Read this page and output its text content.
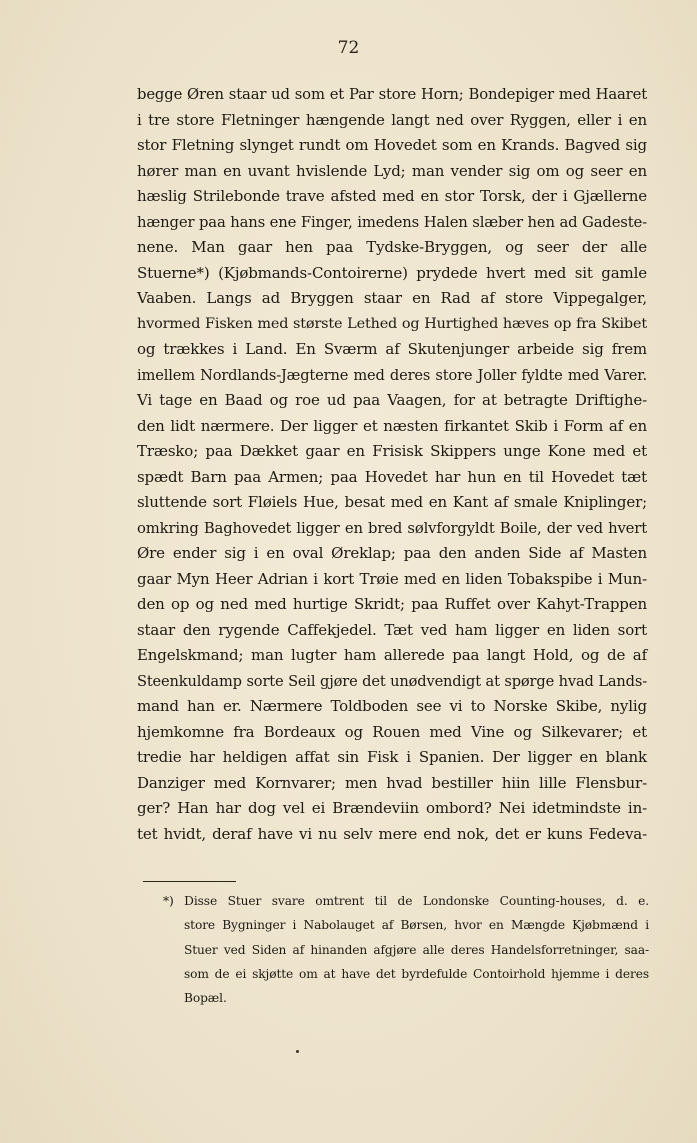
72
begge Øren staar ud som et Par store Horn; Bondepiger med Haaret
i tre store Fletninger hængende langt ned over Ryggen, eller i en
stor Fletning slynget rundt om Hovedet som en Krands. Bagved sig
hører man en uvant hvislende Lyd; man vender sig om og seer en
hæslig Strilebonde trave afsted med en stor Torsk, der i Gjællerne
hænger paa hans ene Finger, imedens Halen slæber hen ad Gadeste-
nene. Man gaar hen paa Tydske-Bryggen, og seer der alle
Stuerne*) (Kjøbmands-Contoirerne) prydede hvert med sit gamle
Vaaben. Langs ad Bryggen staar en Rad af store Vippegalger,
hvormed Fisken med største Lethed og Hurtighed hæves op fra Skibet
og trækkes i Land. En Sværm af Skutenjunger arbeide sig frem
imellem Nordlands-Jægterne med deres store Joller fyldte med Varer.
Vi tage en Baad og roe ud paa Vaagen, for at betragte Driftighe-
den lidt nærmere. Der ligger et næsten firkantet Skib i Form af en
Træsko; paa Dækket gaar en Frisisk Skippers unge Kone med et
spædt Barn paa Armen; paa Hovedet har hun en til Hovedet tæt
sluttende sort Fløiels Hue, besat med en Kant af smale Kniplinger;
omkring Baghovedet ligger en bred sølvforgyldt Boile, der ved hvert
Øre ender sig i en oval Øreklap; paa den anden Side af Masten
gaar Myn Heer Adrian i kort Trøie med en liden Tobakspibe i Mun-
den op og ned med hurtige Skridt; paa Ruffet over Kahyt-Trappen
staar den rygende Caffekjedel. Tæt ved ham ligger en liden sort
Engelskmand; man lugter ham allerede paa langt Hold, og de af
Steenkuldamp sorte Seil gjøre det unødvendigt at spørge hvad Lands-
mand han er. Nærmere Toldboden see vi to Norske Skibe, nylig
hjemkomne fra Bordeaux og Rouen med Vine og Silkevarer; et
tredie har heldigen affat sin Fisk i Spanien. Der ligger en blank
Danziger med Kornvarer; men hvad bestiller hiin lille Flensbur-
ger? Han har dog vel ei Brændeviin ombord? Nei idetmindste in-
tet hvidt, deraf have vi nu selv mere end nok, det er kuns Fedeva-
*) Disse Stuer svare omtrent til de Londonske Counting-houses, d. e.
store Bygninger i Nabolauget af Børsen, hvor en Mængde Kjøbmænd i
Stuer ved Siden af hinanden afgjøre alle deres Handelsforretninger, saa-
som de ei skjøtte om at have det byrdefulde Contoirhold hjemme i deres
Bopæl.
